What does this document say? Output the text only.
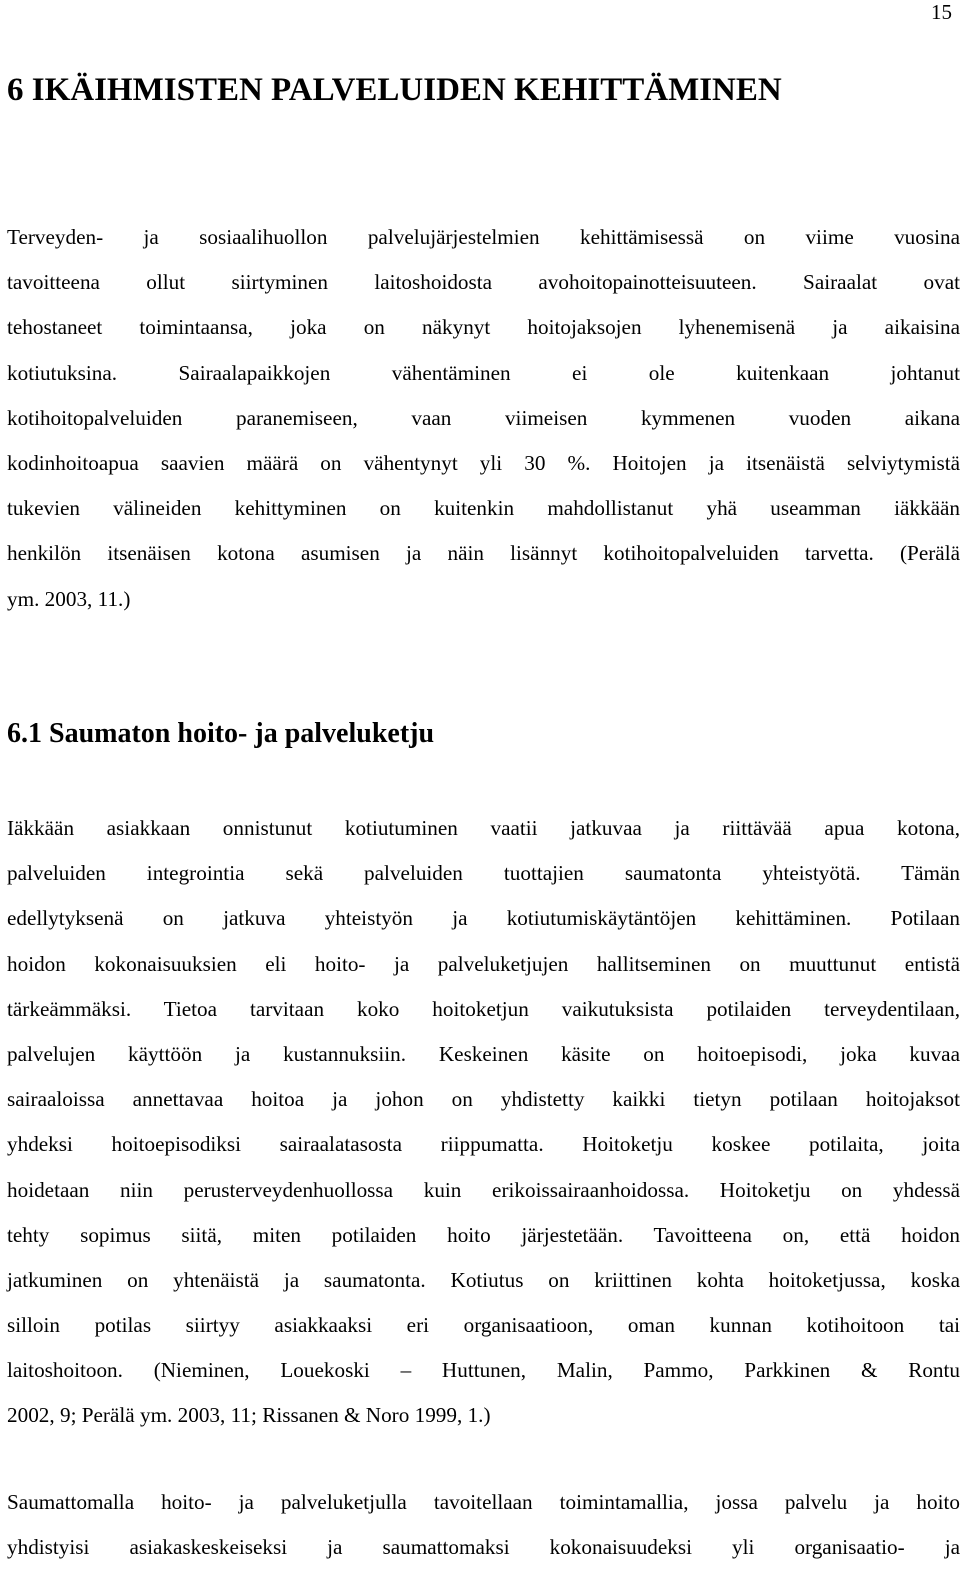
15
6 IKÄIHMISTEN PALVELUIDEN KEHITTÄMINEN
Terveyden- ja sosiaalihuollon palvelujärjestelmien kehittämisessä on viime vuosina
tavoitteena ollut siirtyminen laitoshoidosta avohoitopainotteisuuteen. Sairaalat ovat
tehostaneet toimintaansa, joka on näkynyt hoitojaksojen lyhenemisenä ja aikaisina
kotiutuksina. Sairaalapaikkojen vähentäminen ei ole kuitenkaan johtanut
kotihoitopalveluiden paranemiseen, vaan viimeisen kymmenen vuoden aikana
kodinhoitoapua saavien määrä on vähentynyt yli 30 %. Hoitojen ja itsenäistä selviytymistä
tukevien välineiden kehittyminen on kuitenkin mahdollistanut yhä useamman iäkkään
henkilön itsenäisen kotona asumisen ja näin lisännyt kotihoitopalveluiden tarvetta. (Perälä
ym. 2003, 11.)
6.1 Saumaton hoito- ja palveluketju
Iäkkään asiakkaan onnistunut kotiutuminen vaatii jatkuvaa ja riittävää apua kotona,
palveluiden integrointia sekä palveluiden tuottajien saumatonta yhteistyötä. Tämän
edellytyksenä on jatkuva yhteistyön ja kotiutumiskäytäntöjen kehittäminen. Potilaan
hoidon kokonaisuuksien eli hoito- ja palveluketjujen hallitseminen on muuttunut entistä
tärkeämmäksi. Tietoa tarvitaan koko hoitoketjun vaikutuksista potilaiden terveydentilaan,
palvelujen käyttöön ja kustannuksiin. Keskeinen käsite on hoitoepisodi, joka kuvaa
sairaaloissa annettavaa hoitoa ja johon on yhdistetty kaikki tietyn potilaan hoitojaksot
yhdeksi hoitoepisodiksi sairaalatasosta riippumatta. Hoitoketju koskee potilaita, joita
hoidetaan niin perusterveydenhuollossa kuin erikoissairaanhoidossa. Hoitoketju on yhdessä
tehty sopimus siitä, miten potilaiden hoito järjestetään. Tavoitteena on, että hoidon
jatkuminen on yhtenäistä ja saumatonta. Kotiutus on kriittinen kohta hoitoketjussa, koska
silloin potilas siirtyy asiakkaaksi eri organisaatioon, oman kunnan kotihoitoon tai
laitoshoitoon. (Nieminen, Louekoski – Huttunen, Malin, Pammo, Parkkinen & Rontu
2002, 9; Perälä ym. 2003, 11; Rissanen & Noro 1999, 1.)
Saumattomalla hoito- ja palveluketjulla tavoitellaan toimintamallia, jossa palvelu ja hoito
yhdistyisi asiakaskeskeiseksi ja saumattomaksi kokonaisuudeksi yli organisaatio- ja
